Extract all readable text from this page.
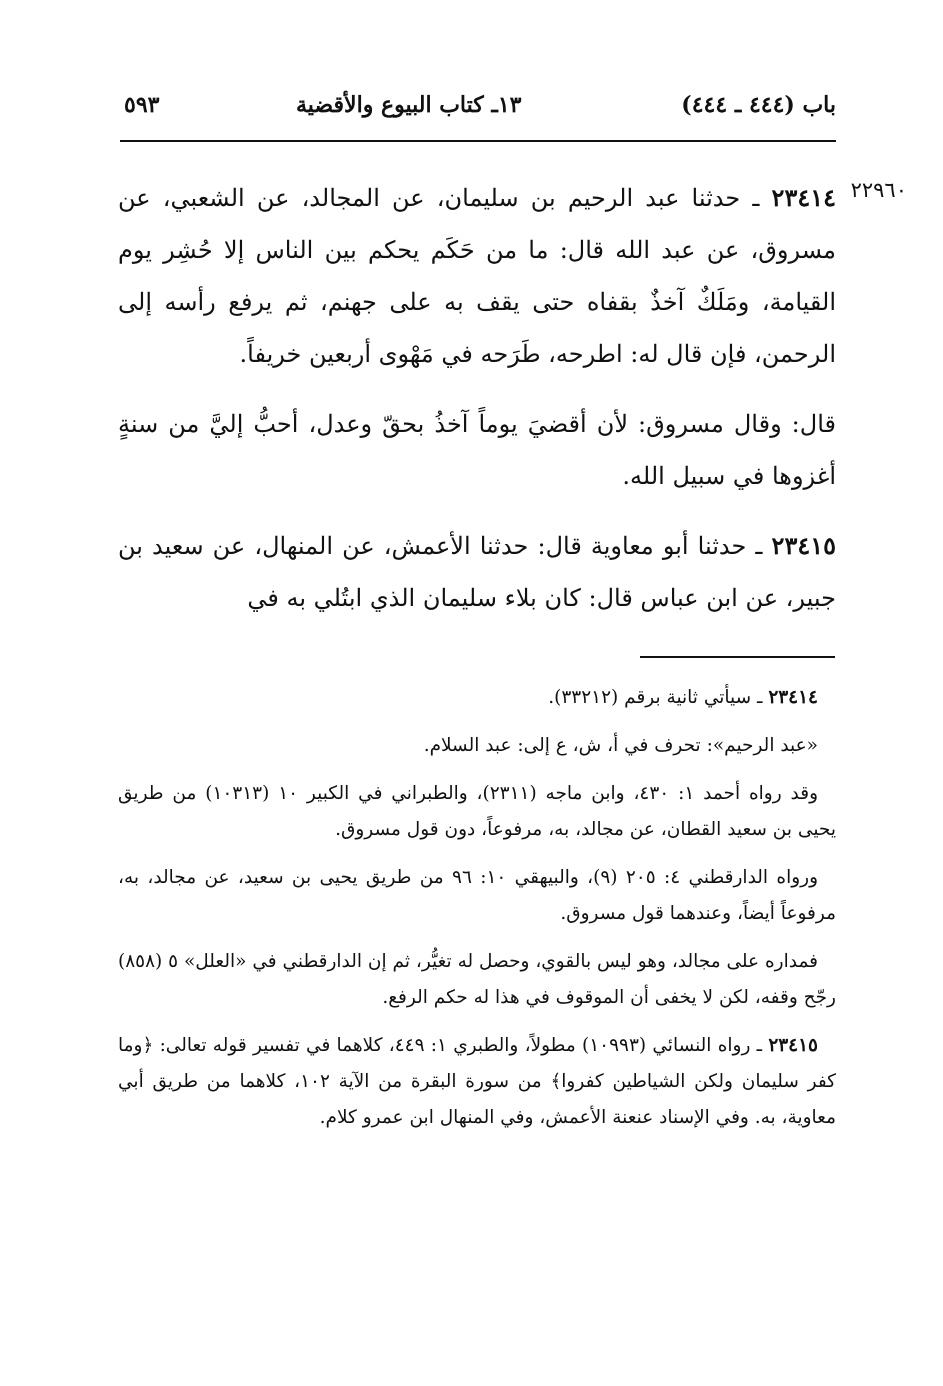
باب (٤٤٤ ـ ٤٤٤)
١٣ـ كتاب البيوع والأقضية
٥٩٣
٢٢٩٦٠

٢٣٤١٤ ـ حدثنا عبد الرحيم بن سليمان، عن المجالد، عن الشعبي، عن مسروق، عن عبد الله قال: ما من حَكَم يحكم بين الناس إلا حُشِر يوم القيامة، ومَلَكٌ آخذٌ بقفاه حتى يقف به على جهنم، ثم يرفع رأسه إلى الرحمن، فإن قال له: اطرحه، طَرَحه في مَهْوى أربعين خريفاً.

قال: وقال مسروق: لأن أقضيَ يوماً آخذُ بحقّ وعدل، أحبُّ إليَّ من سنةٍ أغزوها في سبيل الله.

٢٣٤١٥ ـ حدثنا أبو معاوية قال: حدثنا الأعمش، عن المنهال، عن سعيد بن جبير، عن ابن عباس قال: كان بلاء سليمان الذي ابتُلي به في

٢٣٤١٤ ـ سيأتي ثانية برقم (٣٣٢١٢).

«عبد الرحيم»: تحرف في أ، ش، ع إلى: عبد السلام.

وقد رواه أحمد ١: ٤٣٠، وابن ماجه (٢٣١١)، والطبراني في الكبير ١٠ (١٠٣١٣) من طريق يحيى بن سعيد القطان، عن مجالد، به، مرفوعاً، دون قول مسروق.

ورواه الدارقطني ٤: ٢٠٥ (٩)، والبيهقي ١٠: ٩٦ من طريق يحيى بن سعيد، عن مجالد، به، مرفوعاً أيضاً، وعندهما قول مسروق.

فمداره على مجالد، وهو ليس بالقوي، وحصل له تغيُّر، ثم إن الدارقطني في «العلل» ٥ (٨٥٨) رجّح وقفه، لكن لا يخفى أن الموقوف في هذا له حكم الرفع.

٢٣٤١٥ ـ رواه النسائي (١٠٩٩٣) مطولاً، والطبري ١: ٤٤٩، كلاهما في تفسير قوله تعالى: ﴿وما كفر سليمان ولكن الشياطين كفروا﴾ من سورة البقرة من الآية ١٠٢، كلاهما من طريق أبي معاوية، به. وفي الإسناد عنعنة الأعمش، وفي المنهال ابن عمرو كلام.
